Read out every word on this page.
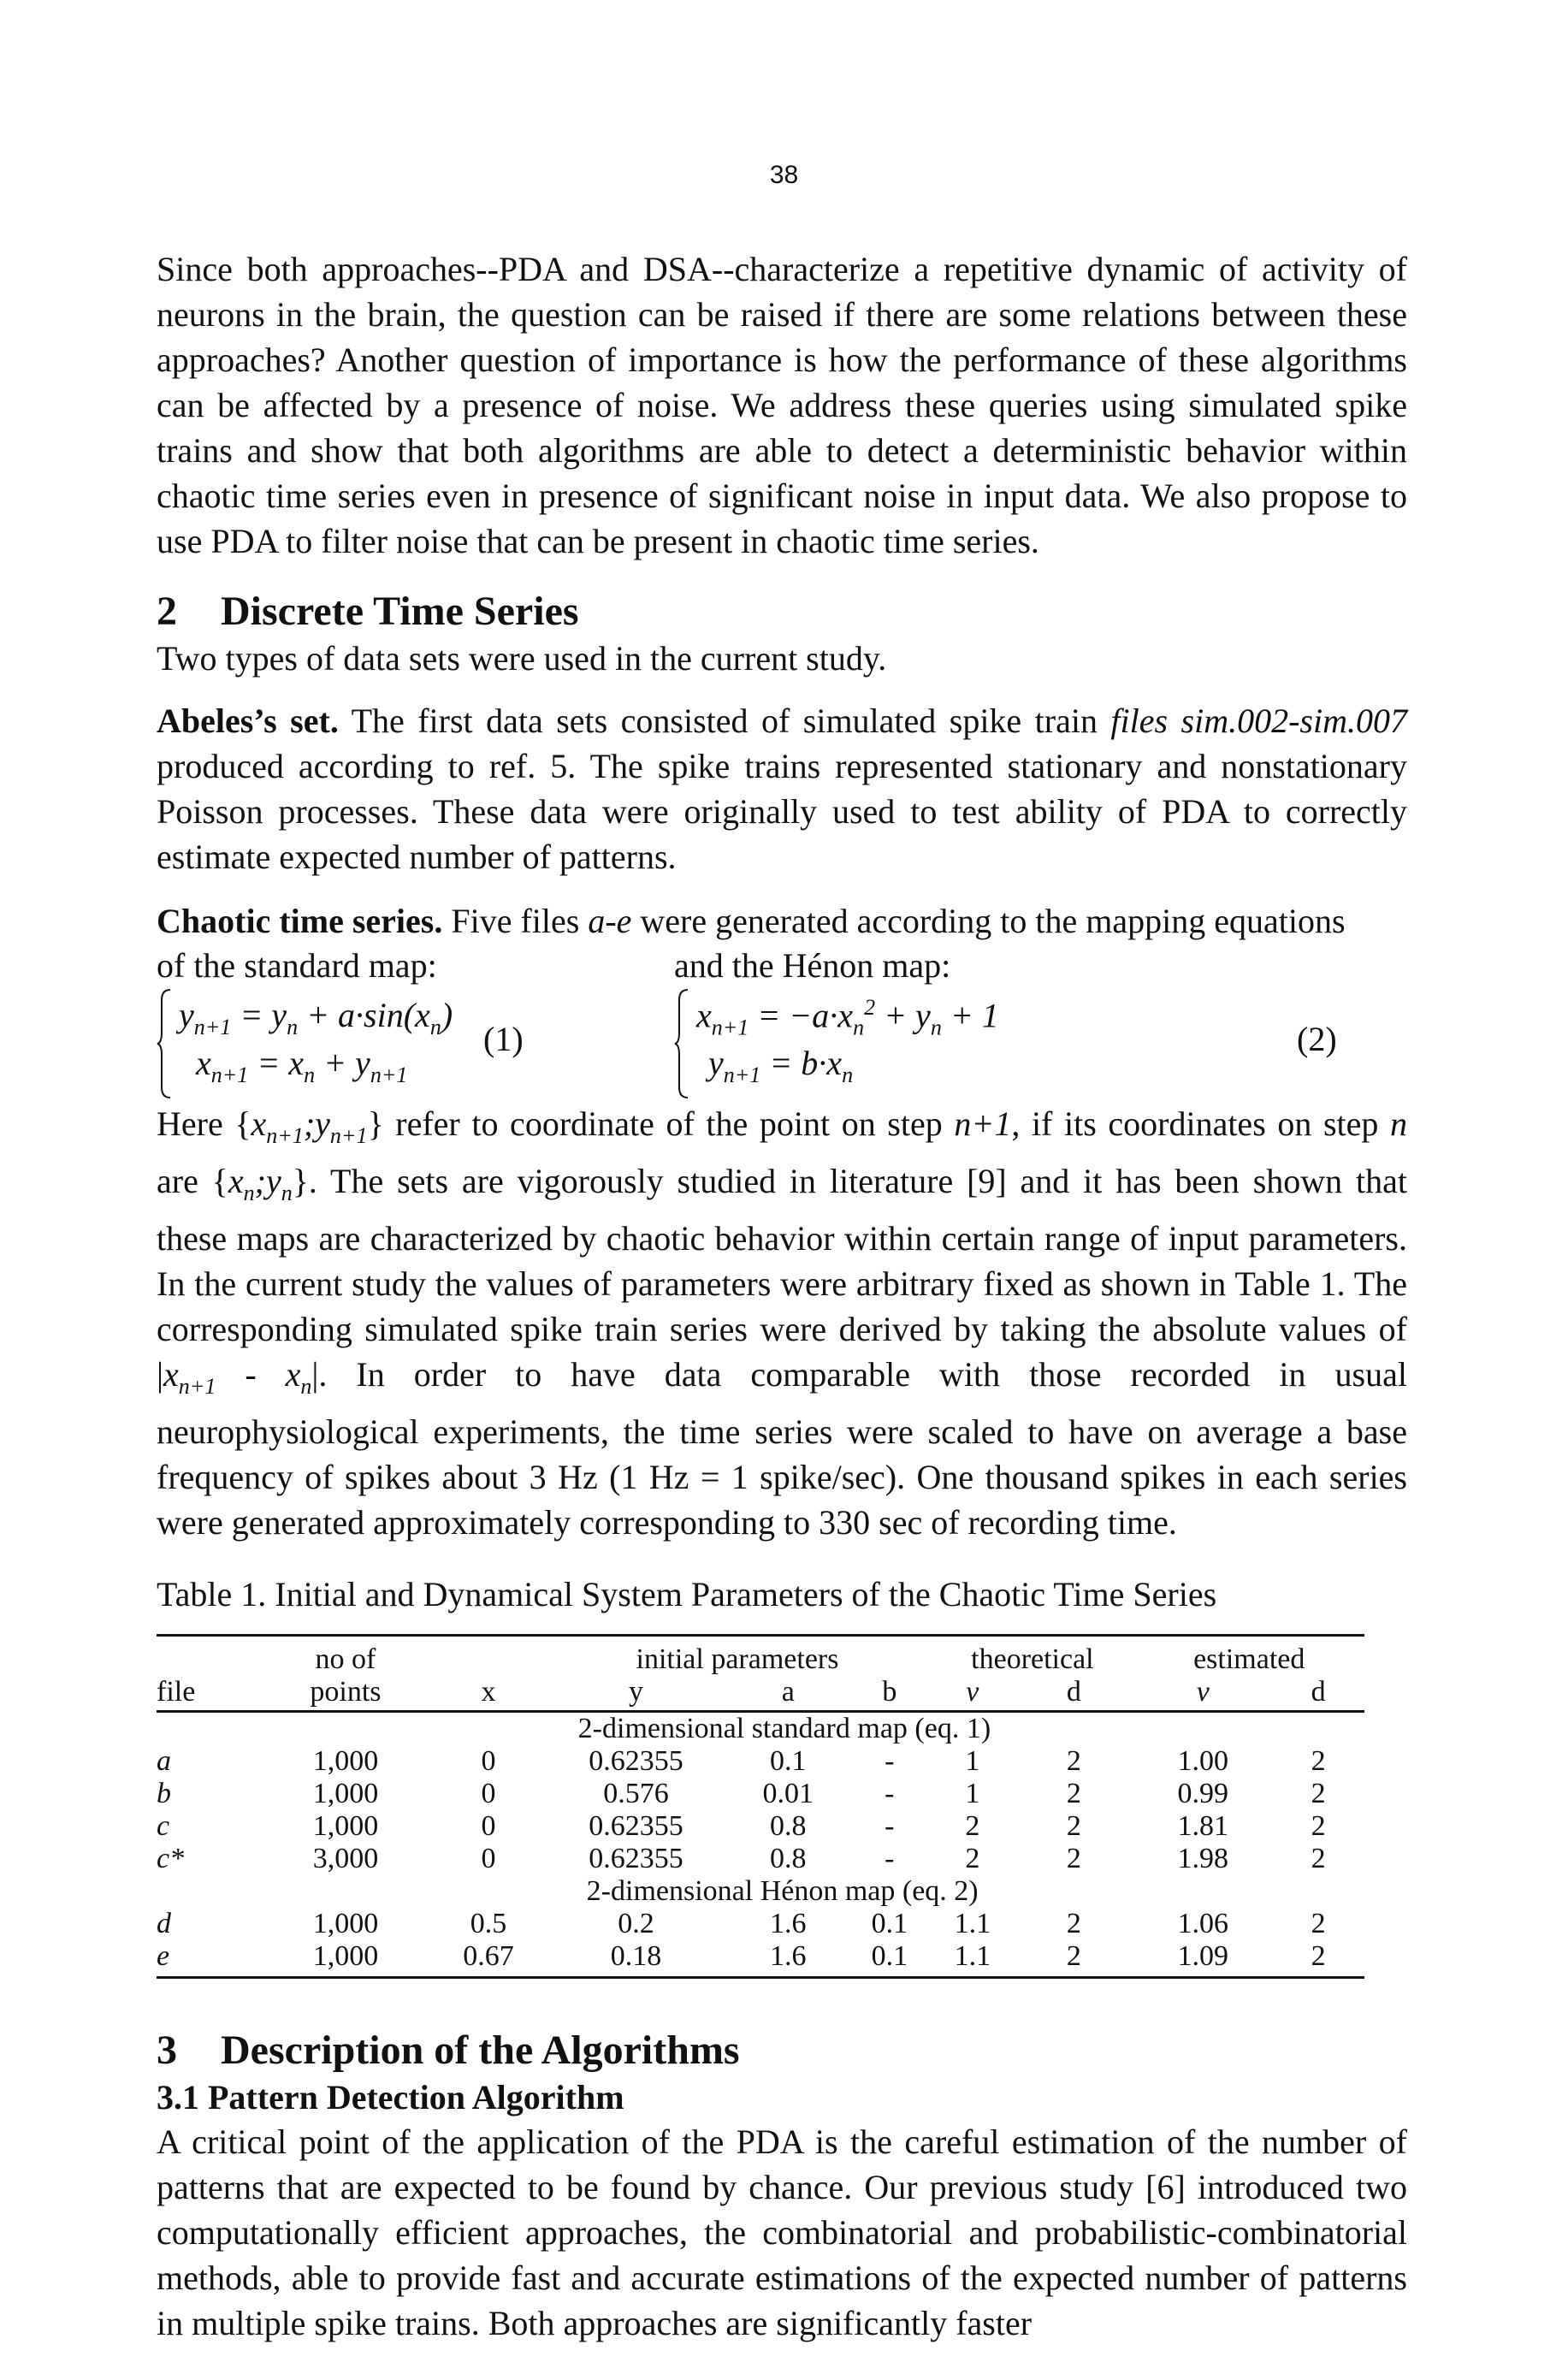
38

Since both approaches--PDA and DSA--characterize a repetitive dynamic of activity of neurons in the brain, the question can be raised if there are some relations between these approaches? Another question of importance is how the performance of these algorithms can be affected by a presence of noise. We address these queries using simulated spike trains and show that both algorithms are able to detect a deterministic behavior within chaotic time series even in presence of significant noise in input data. We also propose to use PDA to filter noise that can be present in chaotic time series.

2 Discrete Time Series

Two types of data sets were used in the current study.

Abeles’s set. The first data sets consisted of simulated spike train files sim.002-sim.007 produced according to ref. 5. The spike trains represented stationary and nonstationary Poisson processes. These data were originally used to test ability of PDA to correctly estimate expected number of patterns.

Chaotic time series. Five files a-e were generated according to the mapping equations

of the standard map:	and the Hénon map:
$y_{n+1} = y_n + a\cdot\sin(x_n)$
$x_{n+1} = x_n + y_{n+1}$
(1)
$x_{n+1} = -a\cdot x_n^2 + y_n + 1$
$y_{n+1} = b\cdot x_n$
(2)

Here $\{x_{n+1};y_{n+1}\}$ refer to coordinate of the point on step n+1, if its coordinates on step n are $\{x_n;y_n\}$. The sets are vigorously studied in literature [9] and it has been shown that these maps are characterized by chaotic behavior within certain range of input parameters. In the current study the values of parameters were arbitrary fixed as shown in Table 1. The corresponding simulated spike train series were derived by taking the absolute values of $|x_{n+1} - x_n|$. In order to have data comparable with those recorded in usual neurophysiological experiments, the time series were scaled to have on average a base frequency of spikes about 3 Hz (1 Hz = 1 spike/sec). One thousand spikes in each series were generated approximately corresponding to 330 sec of recording time.

Table 1. Initial and Dynamical System Parameters of the Chaotic Time Series

	no of		initial parameters			theoretical		estimated	
file	points	x	y	a	b	ν	d	ν	d
			2-dimensional standard map (eq. 1)						
a	1,000	0	0.62355	0.1	-	1	2	1.00	2
b	1,000	0	0.576	0.01	-	1	2	0.99	2
c	1,000	0	0.62355	0.8	-	2	2	1.81	2
c*	3,000	0	0.62355	0.8	-	2	2	1.98	2
			2-dimensional Hénon map (eq. 2)						
d	1,000	0.5	0.2	1.6	0.1	1.1	2	1.06	2
e	1,000	0.67	0.18	1.6	0.1	1.1	2	1.09	2
3 Description of the Algorithms
3.1 Pattern Detection Algorithm

A critical point of the application of the PDA is the careful estimation of the number of patterns that are expected to be found by chance. Our previous study [6] introduced two computationally efficient approaches, the combinatorial and probabilistic-combinatorial methods, able to provide fast and accurate estimations of the expected number of patterns in multiple spike trains. Both approaches are significantly faster
